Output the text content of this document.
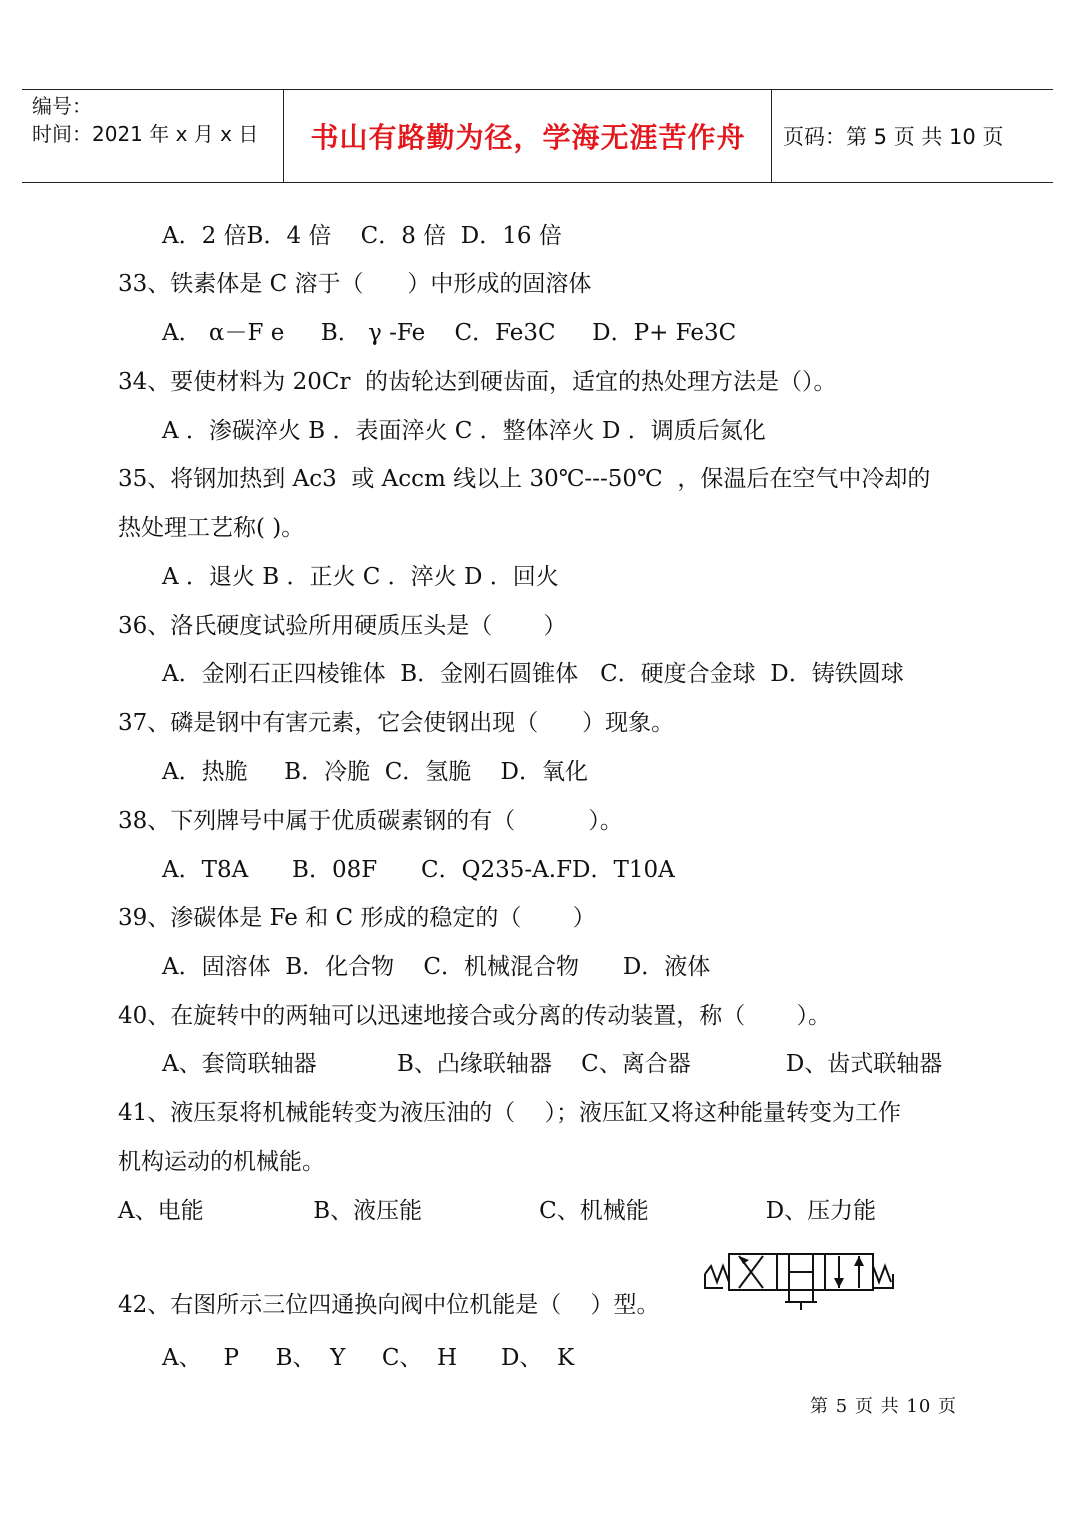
编号：
时间：2021 年 x 月 x 日	书山有路勤为径，学海无涯苦作舟 页码：第 5 页 共 10 页
A．2 倍B．4 倍    C．8 倍  D．16 倍
33、铁素体是 C 溶于（      ）中形成的固溶体
A． α－F e     B． γ -Fe    C．Fe3C     D．P+ Fe3C
34、要使材料为 20Cr  的齿轮达到硬齿面，适宜的热处理方法是（）。
A ．渗碳淬火 B ．表面淬火 C ．整体淬火 D ．调质后氮化
35、将钢加热到 Ac3  或 Accm 线以上 30℃---50℃  ，保温后在空气中冷却的
热处理工艺称( )。
A ．退火 B ．正火 C ．淬火 D ．回火
36、洛氏硬度试验所用硬质压头是（       ）
A．金刚石正四棱锥体  B．金刚石圆锥体   C．硬度合金球  D．铸铁圆球
37、磷是钢中有害元素，它会使钢出现（      ）现象。
A．热脆     B．冷脆  C．氢脆    D．氧化
38、下列牌号中属于优质碳素钢的有（          ）。
A．T8A      B．08F      C．Q235-A.FD．T10A
39、渗碳体是 Fe 和 C 形成的稳定的（       ）
A．固溶体  B．化合物    C．机械混合物      D．液体
40、在旋转中的两轴可以迅速地接合或分离的传动装置，称（       ）。
A、套筒联轴器           B、凸缘联轴器    C、离合器             D、齿式联轴器
41、液压泵将机械能转变为液压油的（    ）；液压缸又将这种能量转变为工作
机构运动的机械能。
A、电能               B、液压能                C、机械能                D、压力能
42、右图所示三位四通换向阀中位机能是（    ）型。
A、   P     B、  Y     C、  H      D、  K
第 5 页 共 10 页
